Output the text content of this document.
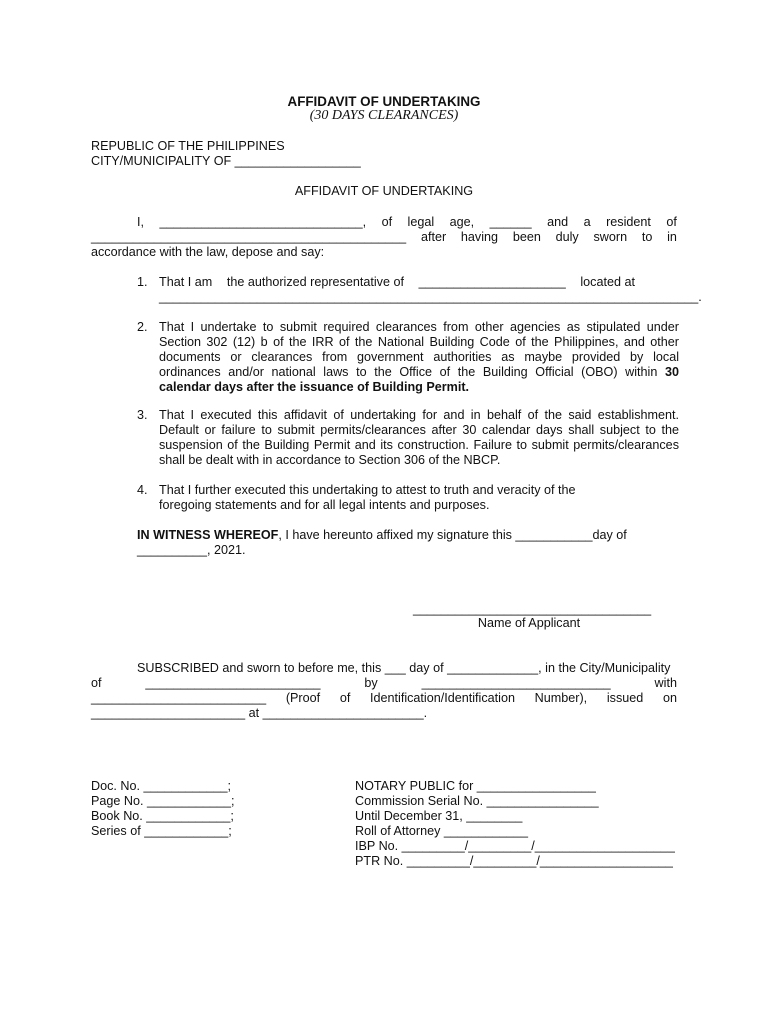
AFFIDAVIT OF UNDERTAKING
(30 DAYS CLEARANCES)
REPUBLIC OF THE PHILIPPINES
CITY/MUNICIPALITY OF __________________
AFFIDAVIT OF UNDERTAKING
I, _____________________________, of legal age, ______ and a resident of
_____________________________________________ after having been duly sworn to in
accordance with the law, depose and say:
1. That I am the authorized representative of _____________________ located at
_____________________________________________________________________________.
2. That I undertake to submit required clearances from other agencies as stipulated under Section 302 (12) b of the IRR of the National Building Code of the Philippines, and other documents or clearances from government authorities as maybe provided by local ordinances and/or national laws to the Office of the Building Official (OBO) within 30 calendar days after the issuance of Building Permit.
3. That I executed this affidavit of undertaking for and in behalf of the said establishment. Default or failure to submit permits/clearances after 30 calendar days shall subject to the suspension of the Building Permit and its construction. Failure to submit permits/clearances shall be dealt with in accordance to Section 306 of the NBCP.
4. That I further executed this undertaking to attest to truth and veracity of the foregoing statements and for all legal intents and purposes.
IN WITNESS WHEREOF, I have hereunto affixed my signature this ___________day of
__________, 2021.
__________________________________
Name of Applicant
SUBSCRIBED and sworn to before me, this ___ day of _____________, in the City/Municipality
of	_________________________	by	___________________________	with
_________________________ (Proof of Identification/Identification Number), issued on
______________________ at _______________________.
Doc. No. ____________;
Page No. ____________;
Book No. ____________;
Series of ____________;
NOTARY PUBLIC for _________________
Commission Serial No. ________________
Until December 31, ________
Roll of Attorney ____________
IBP No. _________/_________/____________________
PTR No. _________/_________/___________________
